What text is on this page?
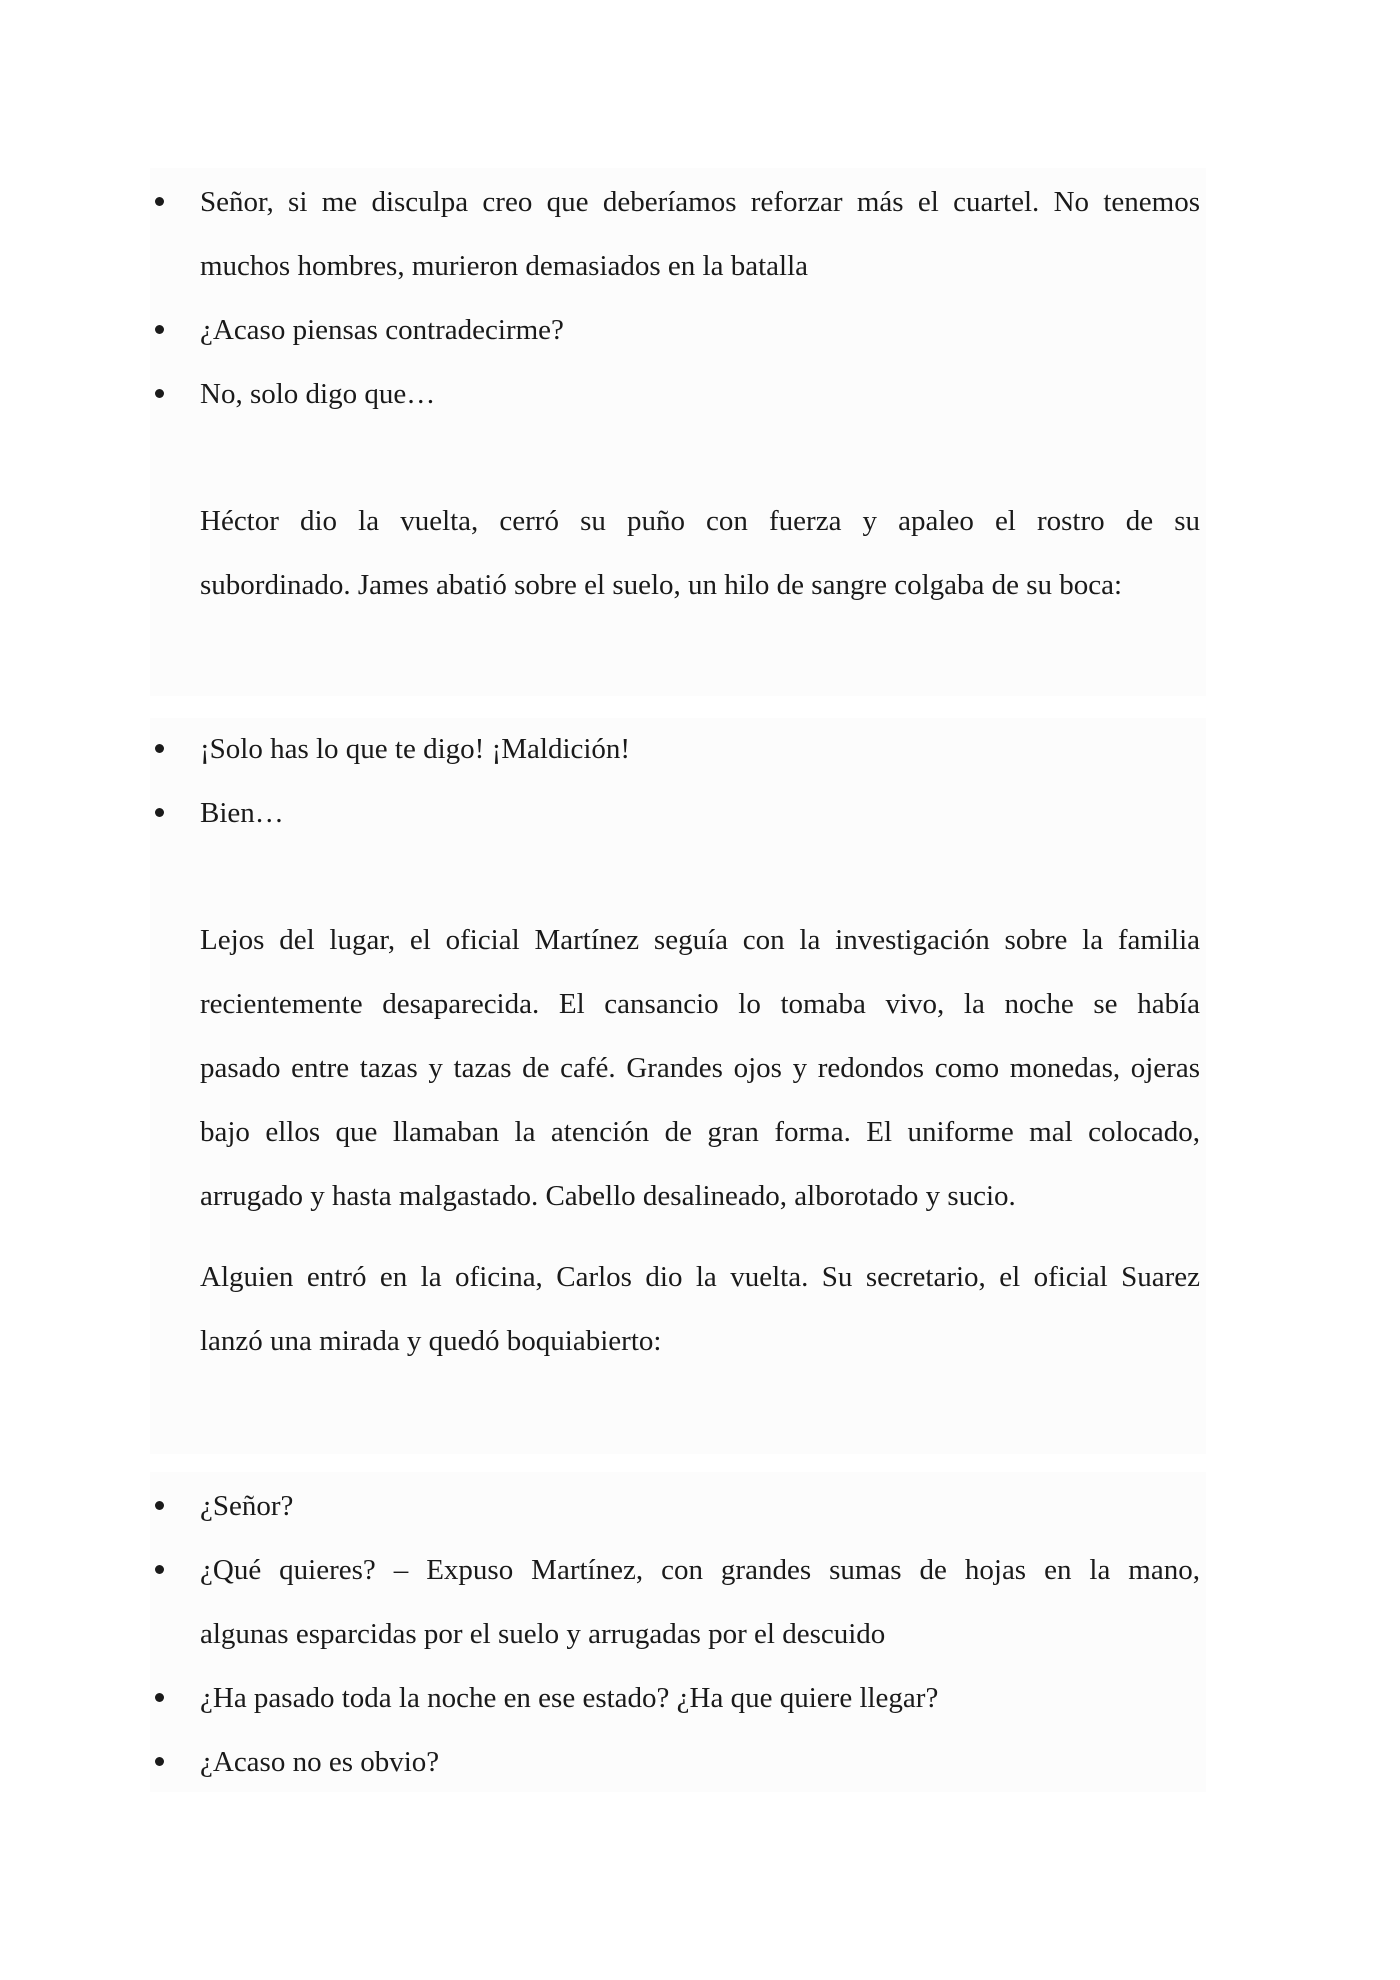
Señor, si me disculpa creo que deberíamos reforzar más el cuartel. No tenemos
muchos hombres, murieron demasiados en la batalla
¿Acaso piensas contradecirme?
No, solo digo que…
Héctor dio la vuelta, cerró su puño con fuerza y apaleo el rostro de su
subordinado. James abatió sobre el suelo, un hilo de sangre colgaba de su boca:
¡Solo has lo que te digo! ¡Maldición!
Bien…
Lejos del lugar, el oficial Martínez seguía con la investigación sobre la familia
recientemente desaparecida. El cansancio lo tomaba vivo, la noche se había
pasado entre tazas y tazas de café. Grandes ojos y redondos como monedas, ojeras
bajo ellos que llamaban la atención de gran forma. El uniforme mal colocado,
arrugado y hasta malgastado. Cabello desalineado, alborotado y sucio.
Alguien entró en la oficina, Carlos dio la vuelta. Su secretario, el oficial Suarez
lanzó una mirada y quedó boquiabierto:
¿Señor?
¿Qué quieres? – Expuso Martínez, con grandes sumas de hojas en la mano,
algunas esparcidas por el suelo y arrugadas por el descuido
¿Ha pasado toda la noche en ese estado? ¿Ha que quiere llegar?
¿Acaso no es obvio?
